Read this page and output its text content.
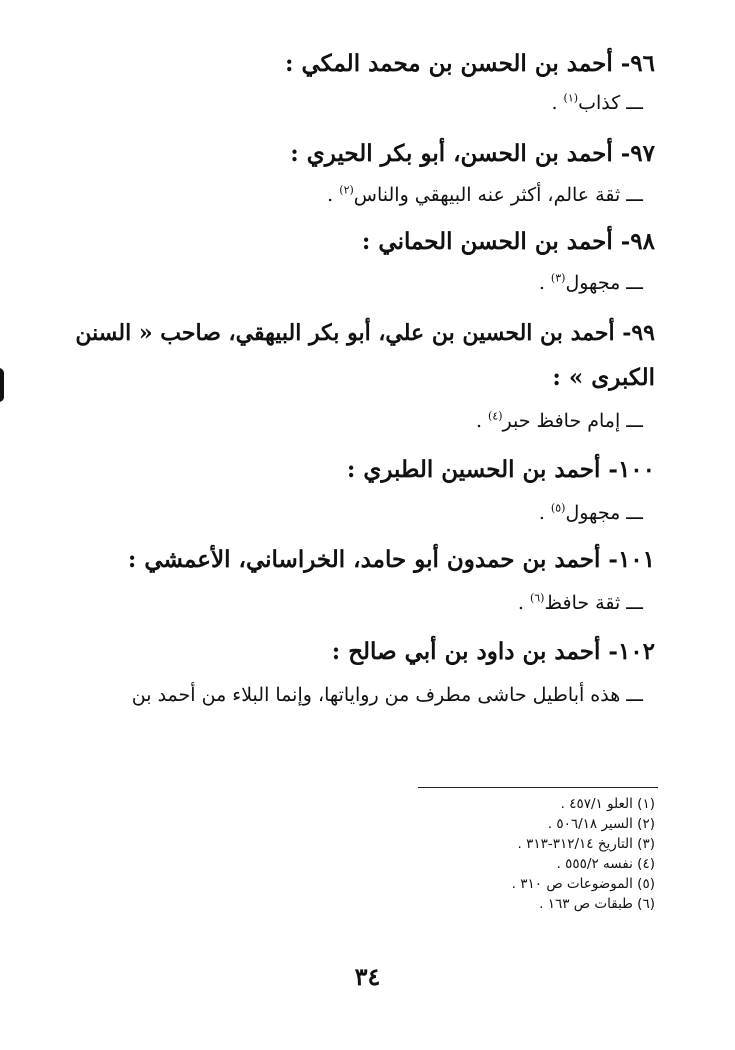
٩٦- أحمد بن الحسن بن محمد المكي :
ـــ كذاب$^{(١)}$ .
٩٧- أحمد بن الحسن، أبو بكر الحيري :
ـــ ثقة عالم، أكثر عنه البيهقي والناس$^{(٢)}$ .
٩٨- أحمد بن الحسن الحماني :
ـــ مجهول$^{(٣)}$ .
٩٩- أحمد بن الحسين بن علي، أبو بكر البيهقي، صاحب « السنن
الكبرى » :
ـــ إمام حافظ حبر$^{(٤)}$ .
١٠٠- أحمد بن الحسين الطبري :
ـــ مجهول$^{(٥)}$ .
١٠١- أحمد بن حمدون أبو حامد، الخراساني، الأعمشي :
ـــ ثقة حافظ$^{(٦)}$ .
١٠٢- أحمد بن داود بن أبي صالح :
ـــ هذه أباطيل حاشى مطرف من رواياتها، وإنما البلاء من أحمد بن
(١) العلو ٤٥٧/١ .
(٢) السير ٥٠٦/١٨ .
(٣) التاريخ ٣١٢/١٤-٣١٣ .
(٤) نفسه ٥٥٥/٢ .
(٥) الموضوعات ص ٣١٠ .
(٦) طبقات ص ١٦٣ .
٣٤
